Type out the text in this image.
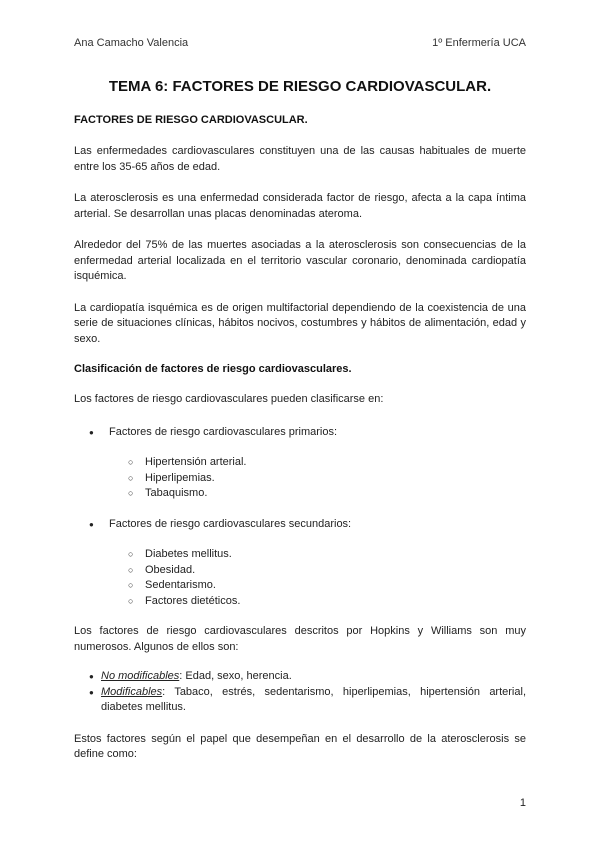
Ana Camacho Valencia	1º Enfermería UCA
TEMA 6: FACTORES DE RIESGO CARDIOVASCULAR.
FACTORES DE RIESGO CARDIOVASCULAR.

Las enfermedades cardiovasculares constituyen una de las causas habituales de muerte entre los 35-65 años de edad.

La aterosclerosis es una enfermedad considerada factor de riesgo, afecta a la capa íntima arterial. Se desarrollan unas placas denominadas ateroma.

Alrededor del 75% de las muertes asociadas a la aterosclerosis son consecuencias de la enfermedad arterial localizada en el territorio vascular coronario, denominada cardiopatía isquémica.

La cardiopatía isquémica es de origen multifactorial dependiendo de la coexistencia de una serie de situaciones clínicas, hábitos nocivos, costumbres y hábitos de alimentación, edad y sexo.

Clasificación de factores de riesgo cardiovasculares.

Los factores de riesgo cardiovasculares pueden clasificarse en:

● Factores de riesgo cardiovasculares primarios:
○ Hipertensión arterial.
○ Hiperlipemias.
○ Tabaquismo.
● Factores de riesgo cardiovasculares secundarios:
○ Diabetes mellitus.
○ Obesidad.
○ Sedentarismo.
○ Factores dietéticos.

Los factores de riesgo cardiovasculares descritos por Hopkins y Williams son muy numerosos. Algunos de ellos son:

● No modificables: Edad, sexo, herencia.
● Modificables: Tabaco, estrés, sedentarismo, hiperlipemias, hipertensión arterial, diabetes mellitus.

Estos factores según el papel que desempeñan en el desarrollo de la aterosclerosis se define como:

1
